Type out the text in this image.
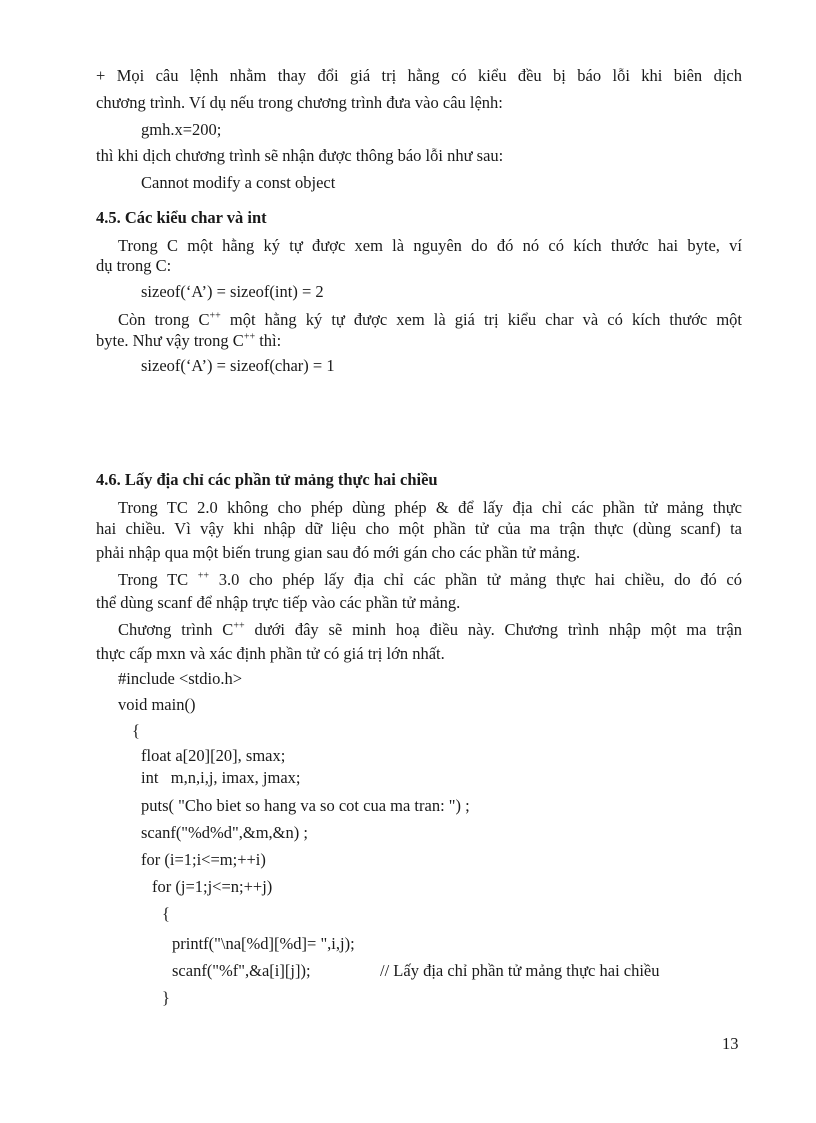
+ Mọi câu lệnh nhằm thay đổi giá trị hằng có kiểu đều bị báo lỗi khi biên dịch
chương trình. Ví dụ nếu trong chương trình đưa vào câu lệnh:
gmh.x=200;
thì khi dịch chương trình sẽ nhận được thông báo lỗi như sau:
Cannot modify a const object
4.5. Các kiểu char và int
Trong C một hằng ký tự được xem là nguyên do đó nó có kích thước hai byte, ví
dụ trong C:
sizeof(‘A’) = sizeof(int) = 2
Còn trong C++ một hằng ký tự được xem là giá trị kiểu char và có kích thước một
byte. Như vậy trong C++ thì:
sizeof(‘A’) = sizeof(char) = 1
4.6. Lấy địa chỉ các phần tử mảng thực hai chiều
Trong TC 2.0 không cho phép dùng phép & để lấy địa chỉ các phần tử mảng thực
hai chiều. Vì vậy khi nhập dữ liệu cho một phần tử của ma trận thực (dùng scanf) ta
phải nhập qua một biến trung gian sau đó mới gán cho các phần tử mảng.
Trong TC ++ 3.0 cho phép lấy địa chỉ các phần tử mảng thực hai chiều, do đó có
thể dùng scanf để nhập trực tiếp vào các phần tử mảng.
Chương trình C++ dưới đây sẽ minh hoạ điều này. Chương trình nhập một ma trận
thực cấp mxn và xác định phần tử có giá trị lớn nhất.
#include <stdio.h>
void main()
{
float a[20][20], smax;
int   m,n,i,j, imax, jmax;
puts( "Cho biet so hang va so cot cua ma tran: ") ;
scanf("%d%d",&m,&n) ;
for (i=1;i<=m;++i)
for (j=1;j<=n;++j)
{
printf("\na[%d][%d]= ",i,j);
scanf("%f",&a[i][j]);	// Lấy địa chỉ phần tử mảng thực hai chiều
}
13
